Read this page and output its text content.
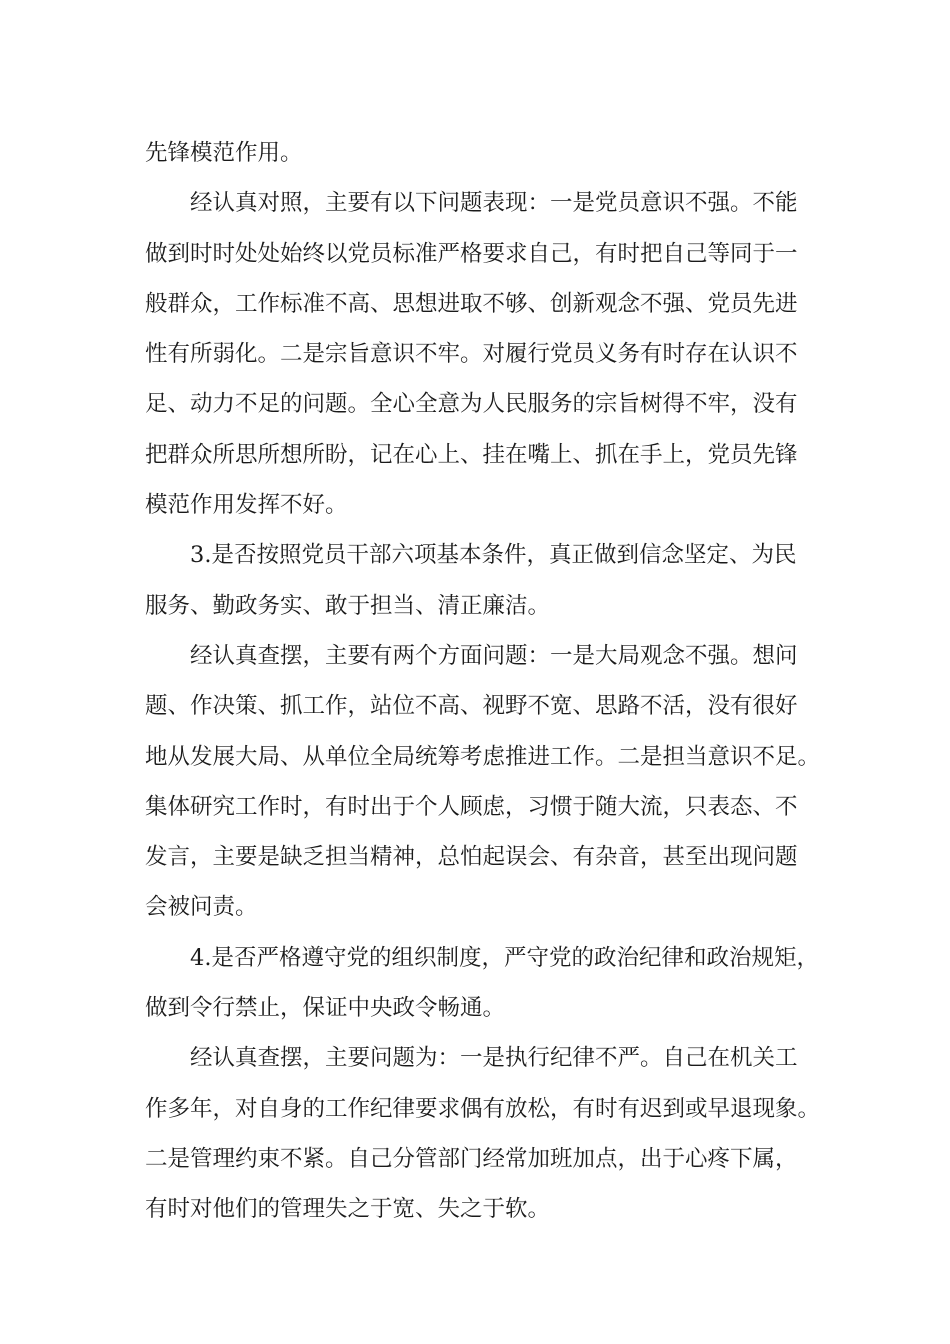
先锋模范作用。
经认真对照，主要有以下问题表现：一是党员意识不强。不能
做到时时处处始终以党员标准严格要求自己，有时把自己等同于一
般群众，工作标准不高、思想进取不够、创新观念不强、党员先进
性有所弱化。二是宗旨意识不牢。对履行党员义务有时存在认识不
足、动力不足的问题。全心全意为人民服务的宗旨树得不牢，没有
把群众所思所想所盼，记在心上、挂在嘴上、抓在手上，党员先锋
模范作用发挥不好。
3.是否按照党员干部六项基本条件，真正做到信念坚定、为民
服务、勤政务实、敢于担当、清正廉洁。
经认真查摆，主要有两个方面问题：一是大局观念不强。想问
题、作决策、抓工作，站位不高、视野不宽、思路不活，没有很好
地从发展大局、从单位全局统筹考虑推进工作。二是担当意识不足。
集体研究工作时，有时出于个人顾虑，习惯于随大流，只表态、不
发言，主要是缺乏担当精神，总怕起误会、有杂音，甚至出现问题
会被问责。
4.是否严格遵守党的组织制度，严守党的政治纪律和政治规矩，
做到令行禁止，保证中央政令畅通。
经认真查摆，主要问题为：一是执行纪律不严。自己在机关工
作多年，对自身的工作纪律要求偶有放松，有时有迟到或早退现象。
二是管理约束不紧。自己分管部门经常加班加点，出于心疼下属，
有时对他们的管理失之于宽、失之于软。
